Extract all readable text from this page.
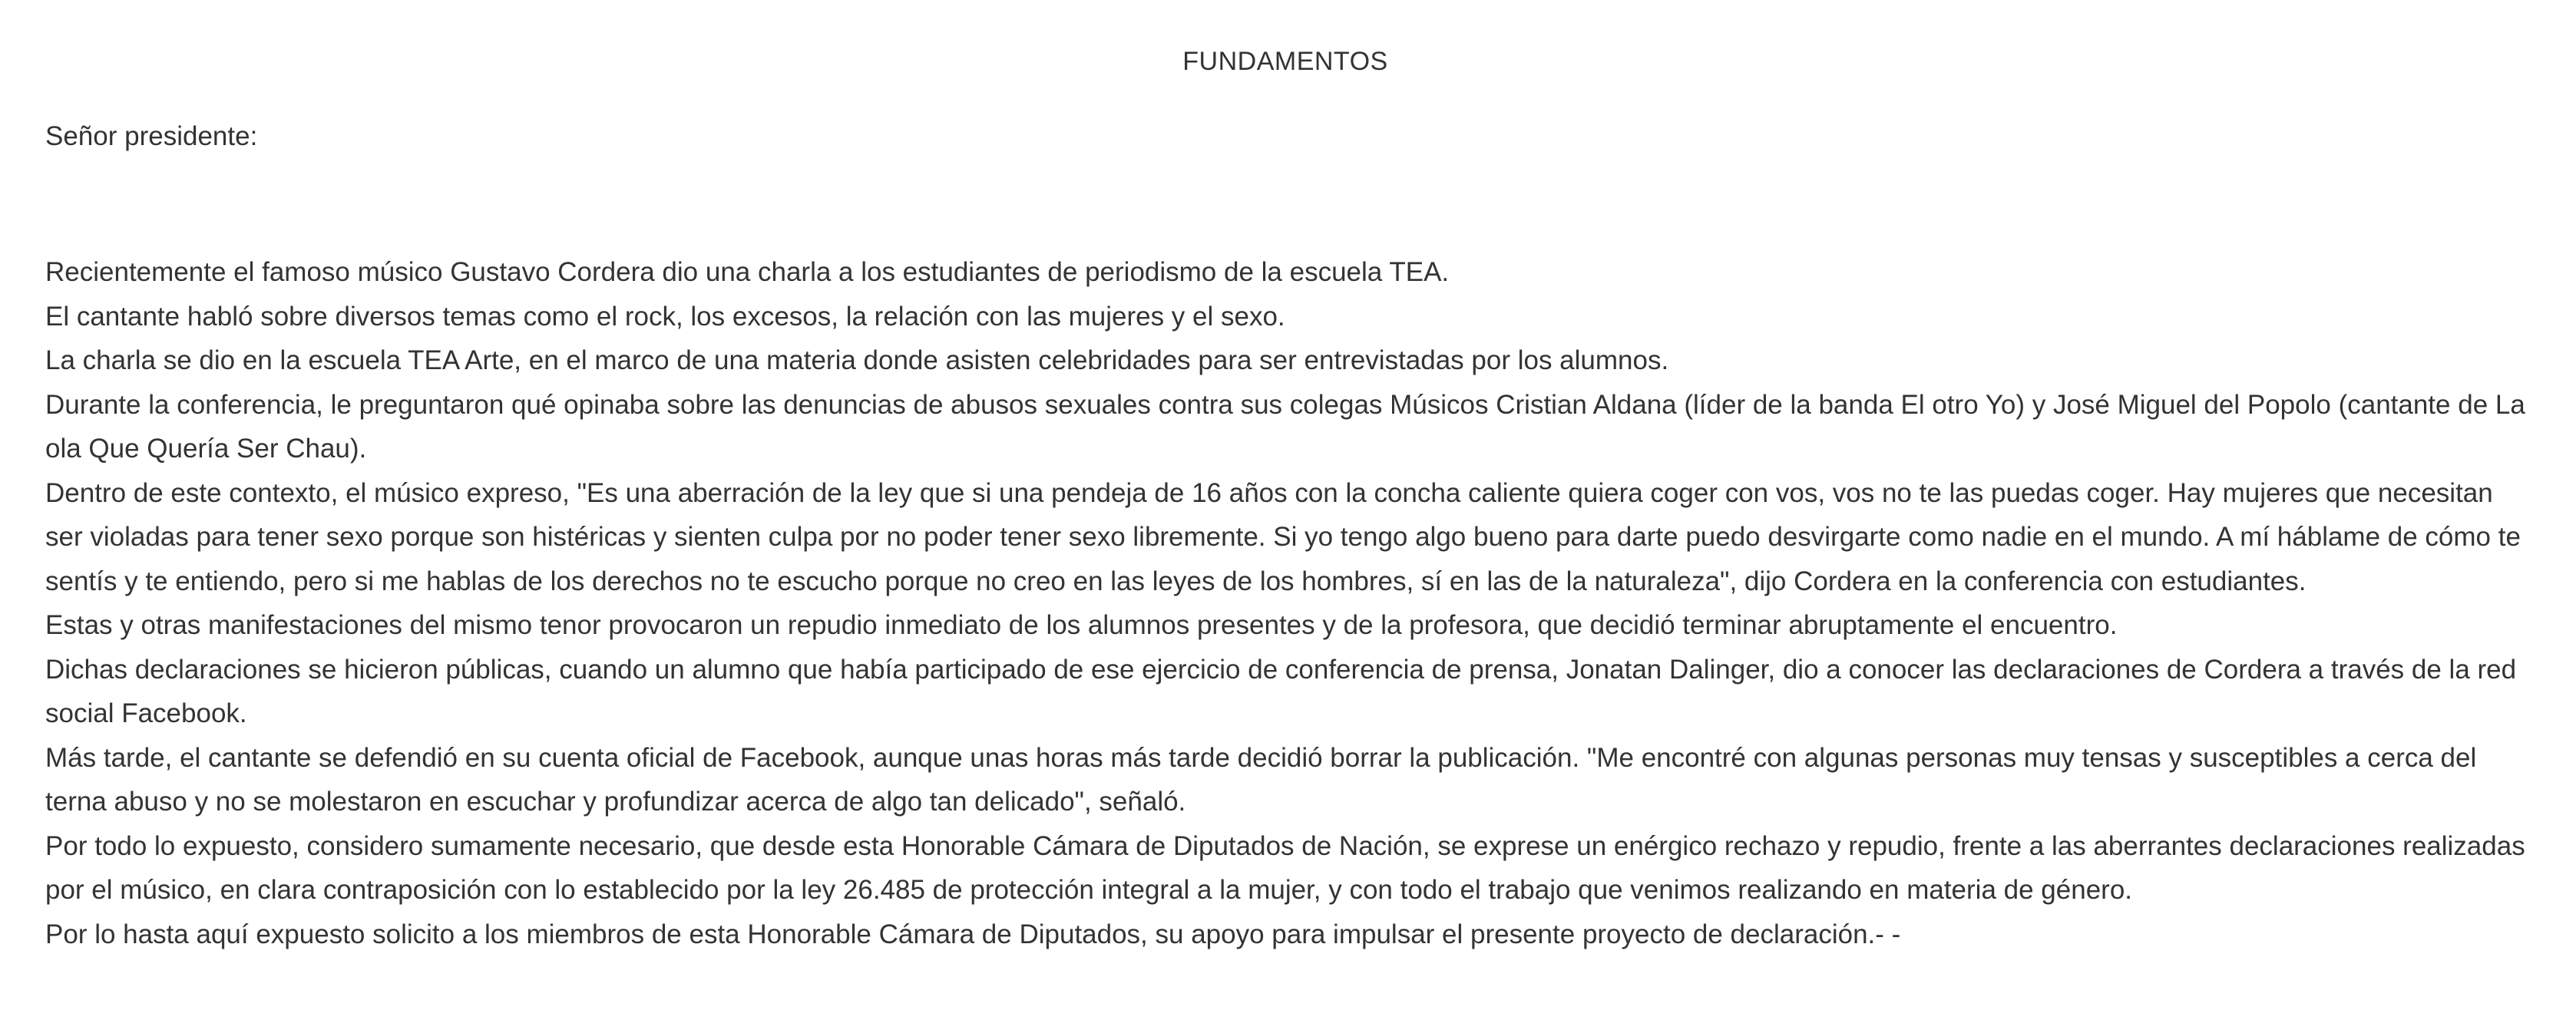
FUNDAMENTOS

Señor presidente:

Recientemente el famoso músico Gustavo Cordera dio una charla a los estudiantes de periodismo de la escuela TEA.

El cantante habló sobre diversos temas como el rock, los excesos, la relación con las mujeres y el sexo.

La charla se dio en la escuela TEA Arte, en el marco de una materia donde asisten celebridades para ser entrevistadas por los alumnos.

Durante la conferencia, le preguntaron qué opinaba sobre las denuncias de abusos sexuales contra sus colegas Músicos Cristian Aldana (líder de la banda El otro Yo) y José Miguel del Popolo (cantante de La ola Que Quería Ser Chau).

Dentro de este contexto, el músico expreso, "Es una aberración de la ley que si una pendeja de 16 años con la concha caliente quiera coger con vos, vos no te las puedas coger. Hay mujeres que necesitan ser violadas para tener sexo porque son histéricas y sienten culpa por no poder tener sexo libremente. Si yo tengo algo bueno para darte puedo desvirgarte como nadie en el mundo. A mí háblame de cómo te sentís y te entiendo, pero si me hablas de los derechos no te escucho porque no creo en las leyes de los hombres, sí en las de la naturaleza", dijo Cordera en la conferencia con estudiantes.

Estas y otras manifestaciones del mismo tenor provocaron un repudio inmediato de los alumnos presentes y de la profesora, que decidió terminar abruptamente el encuentro.

Dichas declaraciones se hicieron públicas, cuando un alumno que había participado de ese ejercicio de conferencia de prensa, Jonatan Dalinger, dio a conocer las declaraciones de Cordera a través de la red social Facebook.

Más tarde, el cantante se defendió en su cuenta oficial de Facebook, aunque unas horas más tarde decidió borrar la publicación. "Me encontré con algunas personas muy tensas y susceptibles a cerca del terna abuso y no se molestaron en escuchar y profundizar acerca de algo tan delicado", señaló.

Por todo lo expuesto, considero sumamente necesario, que desde esta Honorable Cámara de Diputados de Nación, se exprese un enérgico rechazo y repudio, frente a las aberrantes declaraciones realizadas por el músico, en clara contraposición con lo establecido por la ley 26.485 de protección integral a la mujer, y con todo el trabajo que venimos realizando en materia de género.

Por lo hasta aquí expuesto solicito a los miembros de esta Honorable Cámara de Diputados, su apoyo para impulsar el presente proyecto de declaración.- -
